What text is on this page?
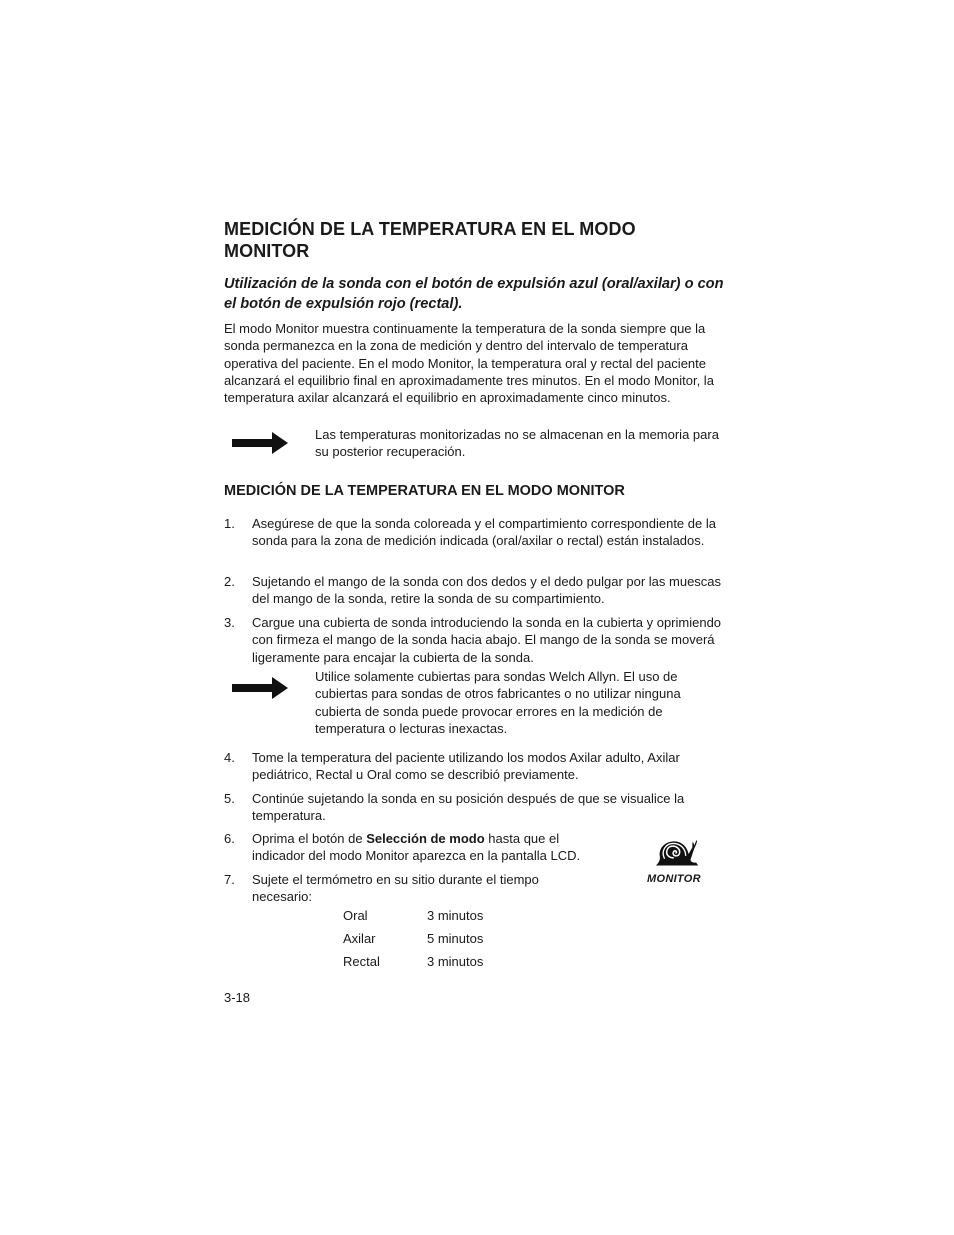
MEDICIÓN DE LA TEMPERATURA EN EL MODO MONITOR
Utilización de la sonda con el botón de expulsión azul (oral/axilar) o con el botón de expulsión rojo (rectal).

El modo Monitor muestra continuamente la temperatura de la sonda siempre que la sonda permanezca en la zona de medición y dentro del intervalo de temperatura operativa del paciente. En el modo Monitor, la temperatura oral y rectal del paciente alcanzará el equilibrio final en aproximadamente tres minutos. En el modo Monitor, la temperatura axilar alcanzará el equilibrio en aproximadamente cinco minutos.

Las temperaturas monitorizadas no se almacenan en la memoria para su posterior recuperación.

MEDICIÓN DE LA TEMPERATURA EN EL MODO MONITOR
1.	Asegúrese de que la sonda coloreada y el compartimiento correspondiente de la sonda para la zona de medición indicada (oral/axilar o rectal) están instalados.

2.	Sujetando el mango de la sonda con dos dedos y el dedo pulgar por las muescas del mango de la sonda, retire la sonda de su compartimiento.

3.	Cargue una cubierta de sonda introduciendo la sonda en la cubierta y oprimiendo con firmeza el mango de la sonda hacia abajo. El mango de la sonda se moverá ligeramente para encajar la cubierta de la sonda.

Utilice solamente cubiertas para sondas Welch Allyn. El uso de cubiertas para sondas de otros fabricantes o no utilizar ninguna cubierta de sonda puede provocar errores en la medición de temperatura o lecturas inexactas.

4.	Tome la temperatura del paciente utilizando los modos Axilar adulto, Axilar pediátrico, Rectal u Oral como se describió previamente.

5.	Continúe sujetando la sonda en su posición después de que se visualice la temperatura.

6.	Oprima el botón de Selección de modo hasta que el indicador del modo Monitor aparezca en la pantalla LCD.

7.	Sujete el termómetro en su sitio durante el tiempo necesario:

MONITOR
Oral	3 minutos
Axilar	5 minutos
Rectal	3 minutos
3-18
